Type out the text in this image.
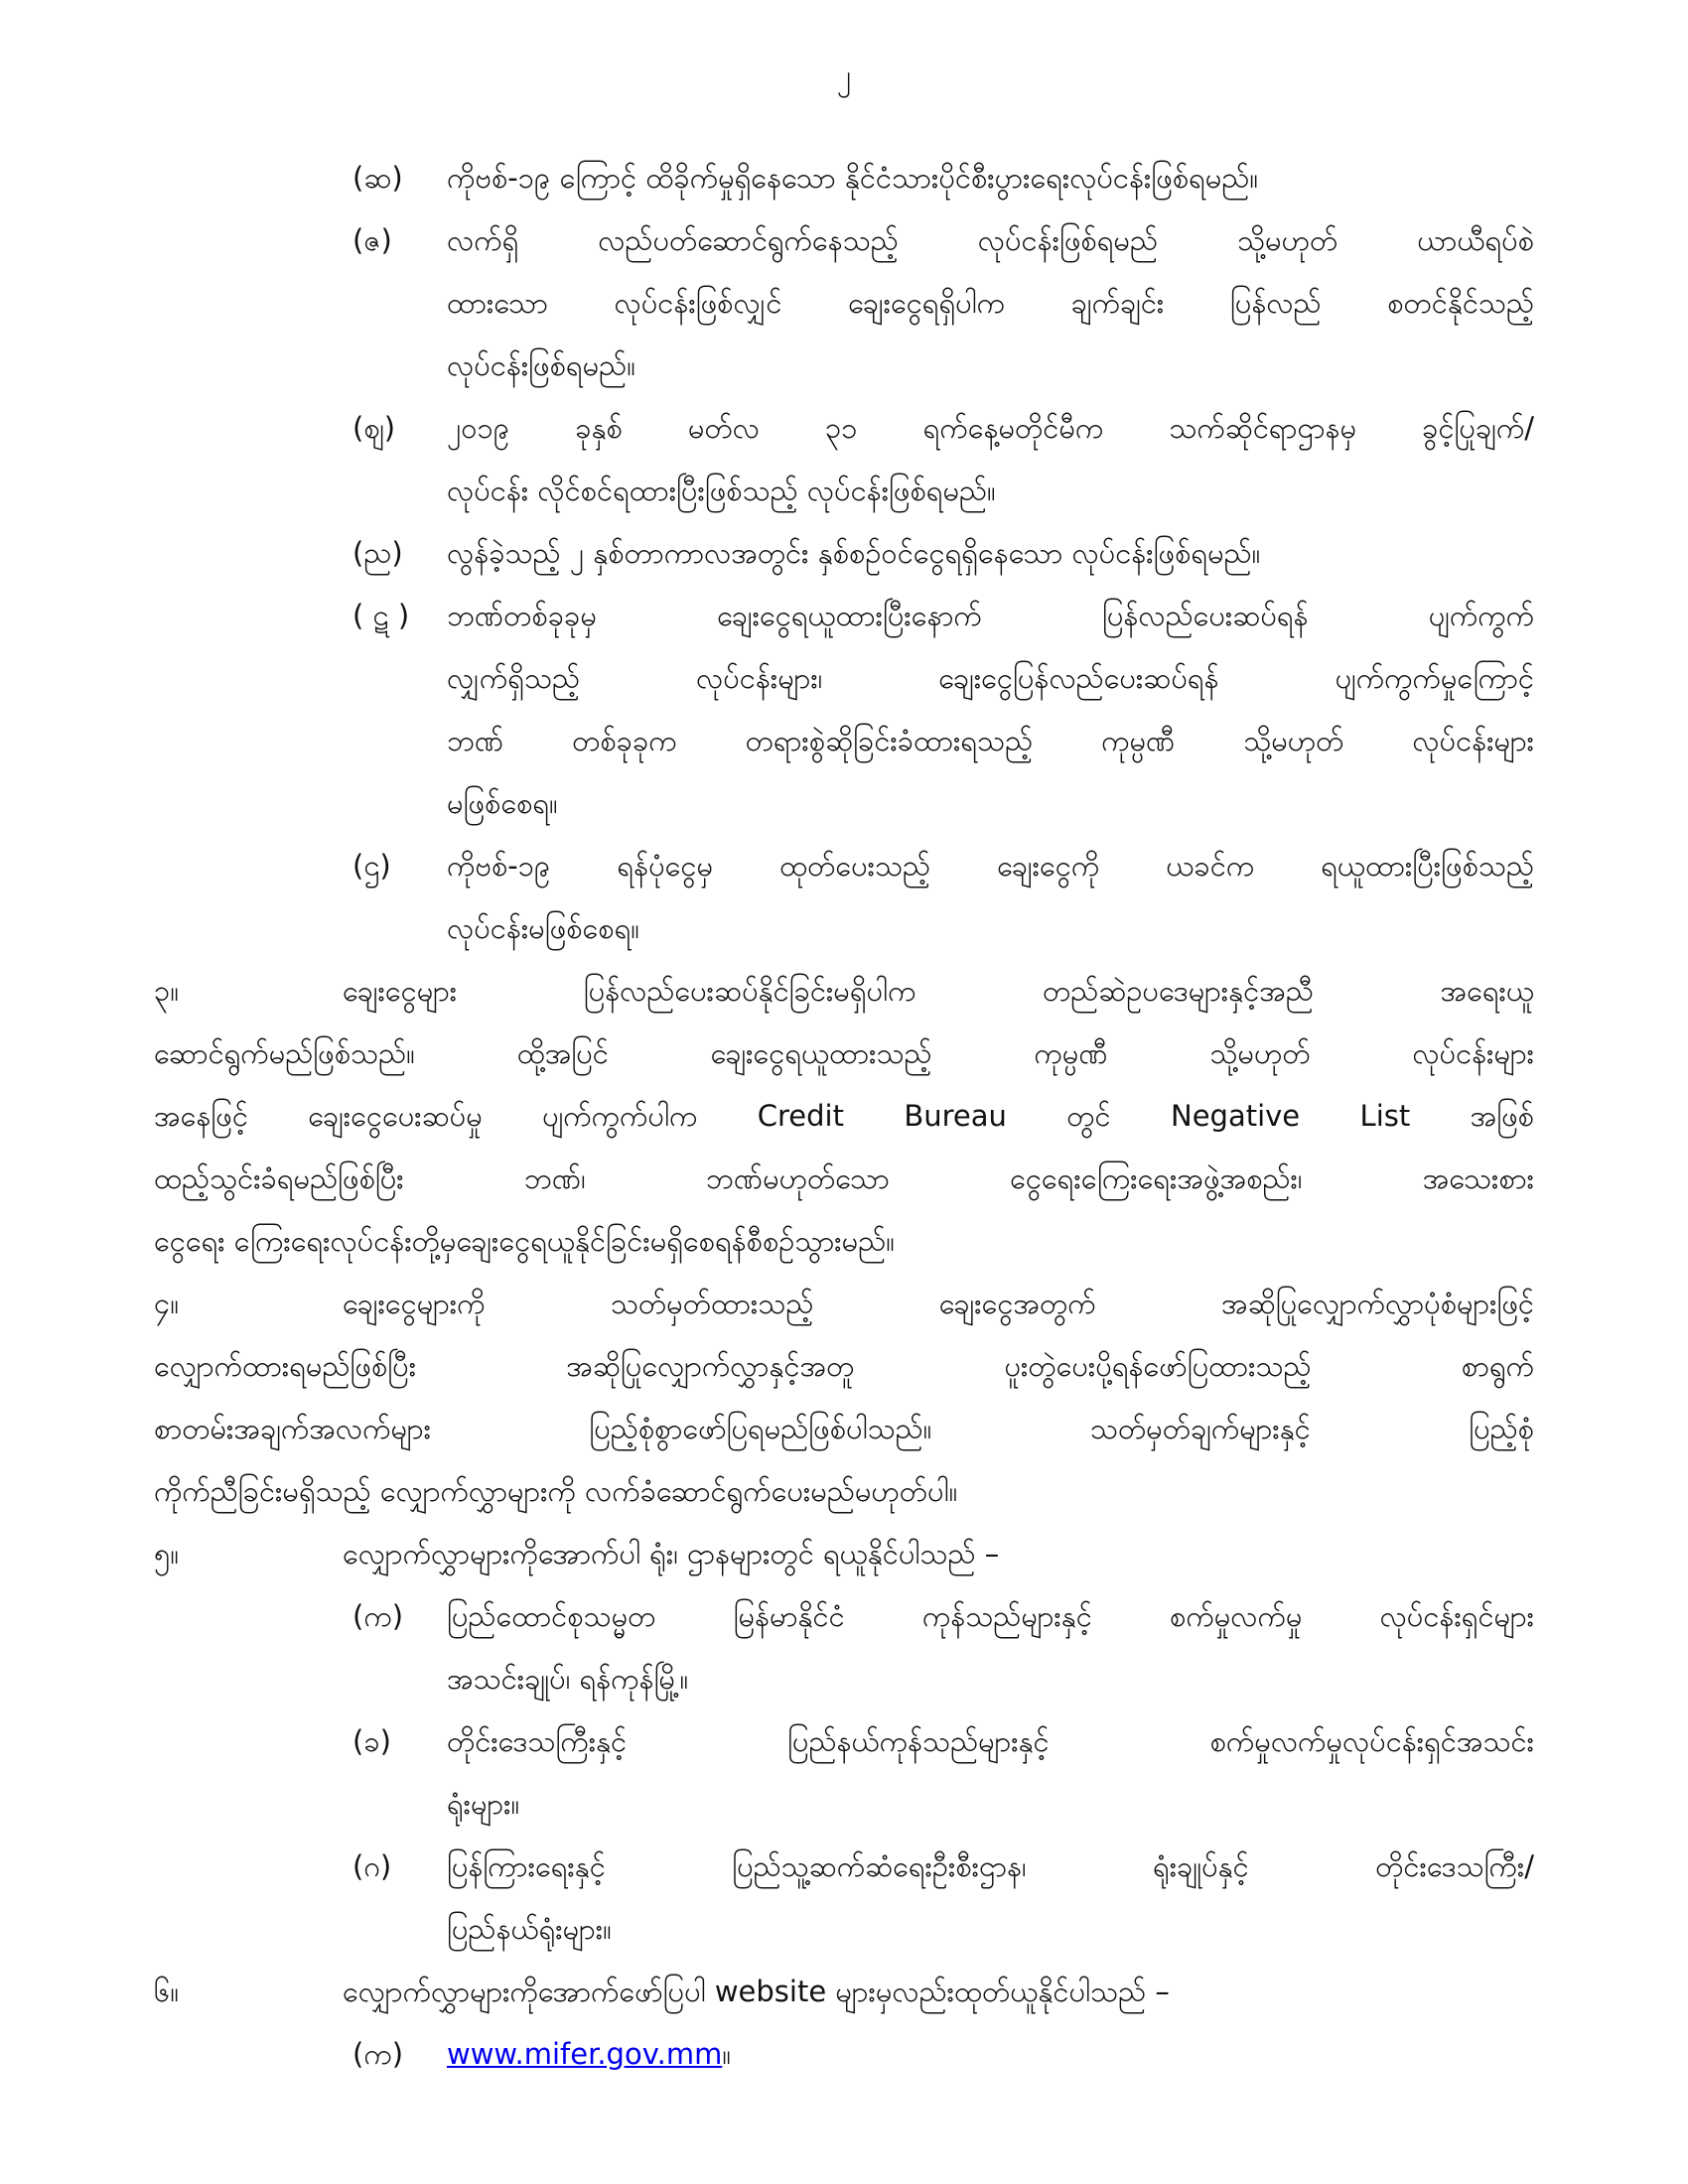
၂
(ဆ)	ကိုဗစ်-၁၉ ကြောင့် ထိခိုက်မှုရှိနေသော နိုင်ငံသားပိုင်စီးပွားရေးလုပ်ငန်းဖြစ်ရမည်။
(ဇ)	လက်ရှိ လည်ပတ်ဆောင်ရွက်နေသည့် လုပ်ငန်းဖြစ်ရမည် သို့မဟုတ် ယာယီရပ်စဲ
ထားသော လုပ်ငန်းဖြစ်လျှင် ချေးငွေရရှိပါက ချက်ချင်း ပြန်လည် စတင်နိုင်သည့်
လုပ်ငန်းဖြစ်ရမည်။
(ဈ)	၂၀၁၉ ခုနှစ် မတ်လ ၃၁ ရက်နေ့မတိုင်မီက သက်ဆိုင်ရာဌာနမှ ခွင့်ပြုချက်/
လုပ်ငန်း လိုင်စင်ရထားပြီးဖြစ်သည့် လုပ်ငန်းဖြစ်ရမည်။
(ည)	လွန်ခဲ့သည့် ၂ နှစ်တာကာလအတွင်း နှစ်စဉ်ဝင်ငွေရရှိနေသော လုပ်ငန်းဖြစ်ရမည်။
( ဋ )	ဘဏ်တစ်ခုခုမှ ချေးငွေရယူထားပြီးနောက် ပြန်လည်ပေးဆပ်ရန် ပျက်ကွက်
လျှက်ရှိသည့် လုပ်ငန်းများ၊ ချေးငွေပြန်လည်ပေးဆပ်ရန် ပျက်ကွက်မှုကြောင့်
ဘဏ် တစ်ခုခုက တရားစွဲဆိုခြင်းခံထားရသည့် ကုမ္ပဏီ သို့မဟုတ် လုပ်ငန်းများ
မဖြစ်စေရ။
(ဌ)	ကိုဗစ်-၁၉ ရန်ပုံငွေမှ ထုတ်ပေးသည့် ချေးငွေကို ယခင်က ရယူထားပြီးဖြစ်သည့်
လုပ်ငန်းမဖြစ်စေရ။
၃။	ချေးငွေများ ပြန်လည်ပေးဆပ်နိုင်ခြင်းမရှိပါက တည်ဆဲဥပဒေများနှင့်အညီ အရေးယူ
ဆောင်ရွက်မည်ဖြစ်သည်။ ထို့အပြင် ချေးငွေရယူထားသည့် ကုမ္ပဏီ သို့မဟုတ် လုပ်ငန်းများ
အနေဖြင့် ချေးငွေပေးဆပ်မှု ပျက်ကွက်ပါက Credit Bureau တွင် Negative List အဖြစ်
ထည့်သွင်းခံရမည်ဖြစ်ပြီး ဘဏ်၊ ဘဏ်မဟုတ်သော ငွေရေးကြေးရေးအဖွဲ့အစည်း၊ အသေးစား
ငွေရေး ကြေးရေးလုပ်ငန်းတို့မှချေးငွေရယူနိုင်ခြင်းမရှိစေရန်စီစဉ်သွားမည်။
၄။	ချေးငွေများကို သတ်မှတ်ထားသည့် ချေးငွေအတွက် အဆိုပြုလျှောက်လွှာပုံစံများဖြင့်
လျှောက်ထားရမည်ဖြစ်ပြီး အဆိုပြုလျှောက်လွှာနှင့်အတူ ပူးတွဲပေးပို့ရန်ဖော်ပြထားသည့် စာရွက်
စာတမ်းအချက်အလက်များ ပြည့်စုံစွာဖော်ပြရမည်ဖြစ်ပါသည်။ သတ်မှတ်ချက်များနှင့် ပြည့်စုံ
ကိုက်ညီခြင်းမရှိသည့် လျှောက်လွှာများကို လက်ခံဆောင်ရွက်ပေးမည်မဟုတ်ပါ။
၅။	လျှောက်လွှာများကိုအောက်ပါ ရုံး၊ ဌာနများတွင် ရယူနိုင်ပါသည် –
(က)	ပြည်ထောင်စုသမ္မတ မြန်မာနိုင်ငံ ကုန်သည်များနှင့် စက်မှုလက်မှု လုပ်ငန်းရှင်များ
အသင်းချုပ်၊ ရန်ကုန်မြို့။
(ခ)	တိုင်းဒေသကြီးနှင့် ပြည်နယ်ကုန်သည်များနှင့် စက်မှုလက်မှုလုပ်ငန်းရှင်အသင်း
ရုံးများ။
(ဂ)	ပြန်ကြားရေးနှင့် ပြည်သူ့ဆက်ဆံရေးဦးစီးဌာန၊ ရုံးချုပ်နှင့် တိုင်းဒေသကြီး/
ပြည်နယ်ရုံးများ။
၆။	လျှောက်လွှာများကိုအောက်ဖော်ပြပါ website များမှလည်းထုတ်ယူနိုင်ပါသည် –
(က)	www.mifer.gov.mm။
